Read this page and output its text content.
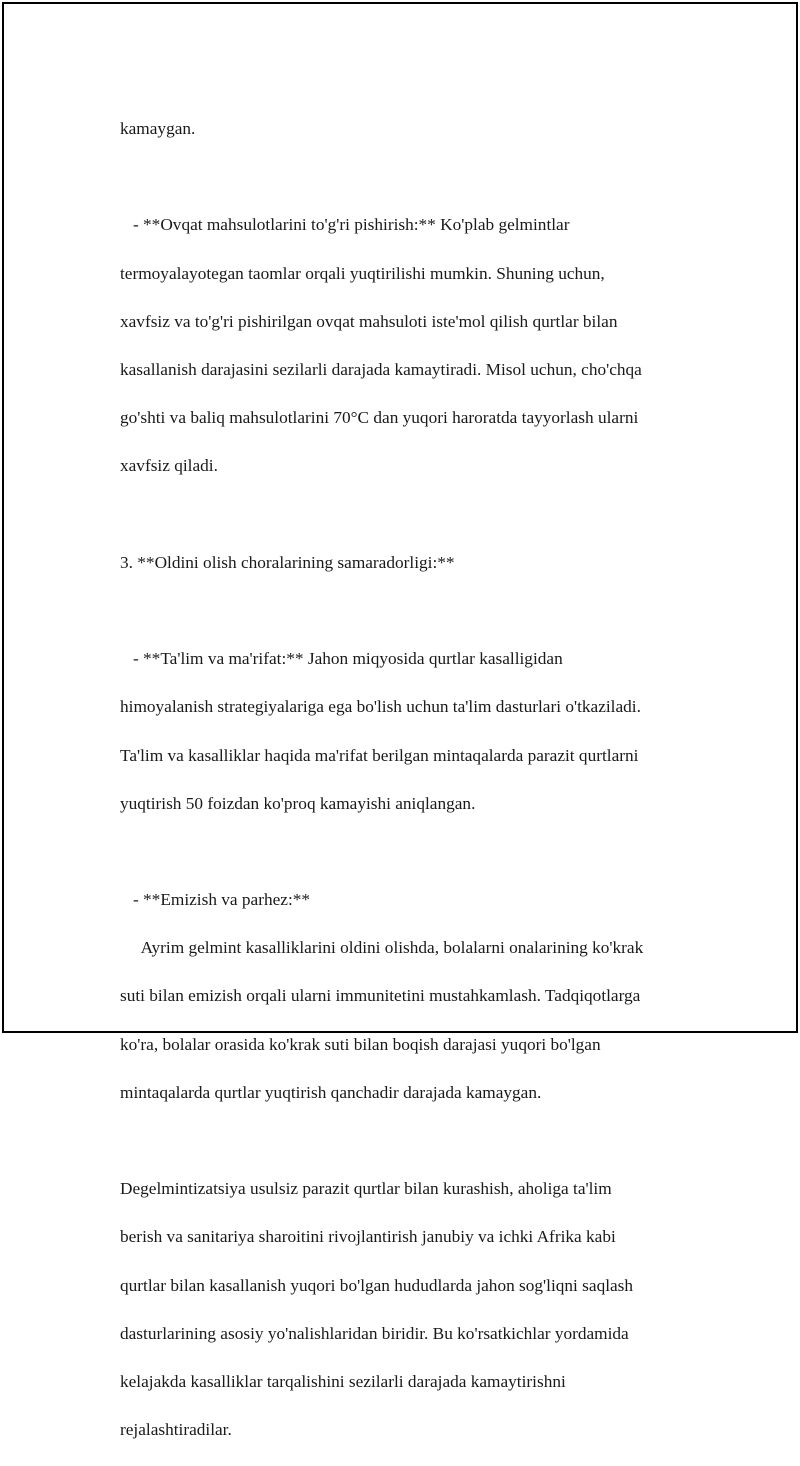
kamaygan.

- **Ovqat mahsulotlarini to'g'ri pishirish:** Ko'plab gelmintlar

termoyalayotegan taomlar orqali yuqtirilishi mumkin. Shuning uchun,

xavfsiz va to'g'ri pishirilgan ovqat mahsuloti iste'mol qilish qurtlar bilan

kasallanish darajasini sezilarli darajada kamaytiradi. Misol uchun, cho'chqa

go'shti va baliq mahsulotlarini 70°C dan yuqori haroratda tayyorlash ularni

xavfsiz qiladi.

3. **Oldini olish choralarining samaradorligi:**

- **Ta'lim va ma'rifat:** Jahon miqyosida qurtlar kasalligidan

himoyalanish strategiyalariga ega bo'lish uchun ta'lim dasturlari o'tkaziladi.

Ta'lim va kasalliklar haqida ma'rifat berilgan mintaqalarda parazit qurtlarni

yuqtirish 50 foizdan ko'proq kamayishi aniqlangan.

- **Emizish va parhez:**

Ayrim gelmint kasalliklarini oldini olishda, bolalarni onalarining ko'krak

suti bilan emizish orqali ularni immunitetini mustahkamlash. Tadqiqotlarga

ko'ra, bolalar orasida ko'krak suti bilan boqish darajasi yuqori bo'lgan

mintaqalarda qurtlar yuqtirish qanchadir darajada kamaygan.

Degelmintizatsiya usulsiz parazit qurtlar bilan kurashish, aholiga ta'lim

berish va sanitariya sharoitini rivojlantirish janubiy va ichki Afrika kabi

qurtlar bilan kasallanish yuqori bo'lgan hududlarda jahon sog'liqni saqlash

dasturlarining asosiy yo'nalishlaridan biridir. Bu ko'rsatkichlar yordamida

kelajakda kasalliklar tarqalishini sezilarli darajada kamaytirishni

rejalashtiradilar.
